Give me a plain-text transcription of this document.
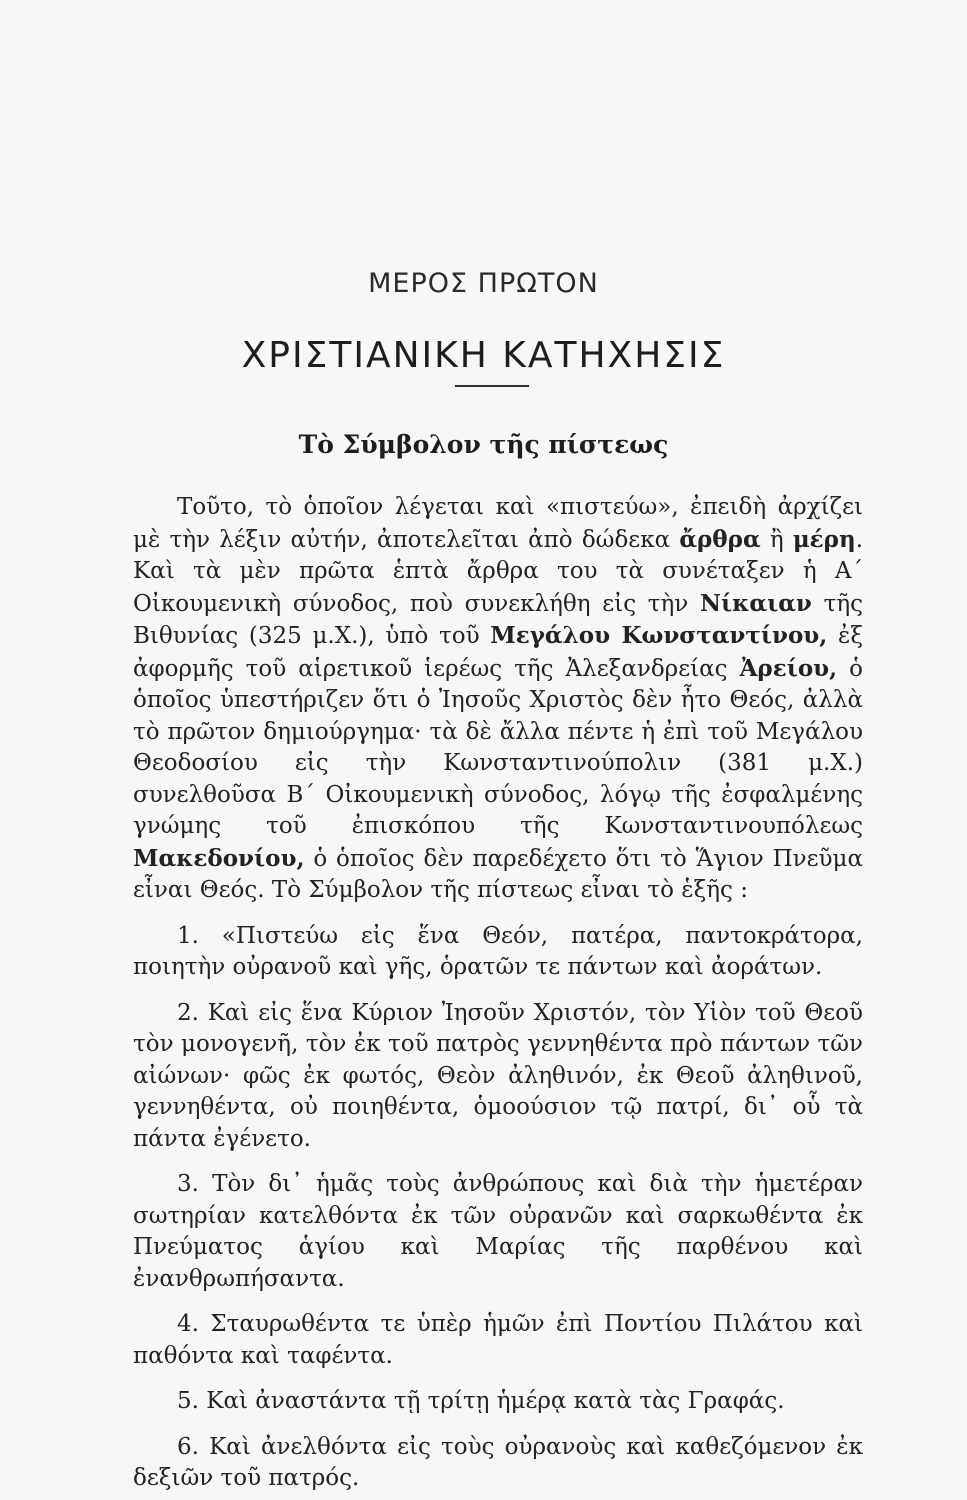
ΜΕΡΟΣ ΠΡΩΤΟΝ
ΧΡΙΣΤΙΑΝΙΚΗ ΚΑΤΗΧΗΣΙΣ
Τὸ Σύμβολον τῆς πίστεως

Τοῦτο, τὸ ὁποῖον λέγεται καὶ «πιστεύω», ἐπειδὴ ἀρχίζει μὲ τὴν λέξιν αὐτήν, ἀποτελεῖται ἀπὸ δώδεκα ἄρθρα ἢ μέρη. Καὶ τὰ μὲν πρῶτα ἑπτὰ ἄρθρα του τὰ συνέταξεν ἡ Α΄ Οἰκουμενικὴ σύνοδος, ποὺ συνεκλήθη εἰς τὴν Νίκαιαν τῆς Βιθυνίας (325 μ.Χ.), ὑπὸ τοῦ Μεγάλου Κωνσταντίνου, ἐξ ἀφορμῆς τοῦ αἱρετικοῦ ἱερέως τῆς Ἀλεξανδρείας Ἀρείου, ὁ ὁποῖος ὑπεστήριζεν ὅτι ὁ Ἰησοῦς Χριστὸς δὲν ἦτο Θεός, ἀλλὰ τὸ πρῶτον δημιούργημα· τὰ δὲ ἄλλα πέντε ἡ ἐπὶ τοῦ Μεγάλου Θεοδοσίου εἰς τὴν Κωνσταντινούπολιν (381 μ.Χ.) συνελθοῦσα Β΄ Οἰκουμενικὴ σύνοδος, λόγῳ τῆς ἐσφαλμένης γνώμης τοῦ ἐπισκόπου τῆς Κωνσταντινουπόλεως Μακεδονίου, ὁ ὁποῖος δὲν παρεδέχετο ὅτι τὸ Ἅγιον Πνεῦμα εἶναι Θεός. Τὸ Σύμβολον τῆς πίστεως εἶναι τὸ ἑξῆς :

1. «Πιστεύω εἰς ἕνα Θεόν, πατέρα, παντοκράτορα, ποιητὴν οὐρανοῦ καὶ γῆς, ὁρατῶν τε πάντων καὶ ἀοράτων.

2. Καὶ εἰς ἕνα Κύριον Ἰησοῦν Χριστόν, τὸν Υἱὸν τοῦ Θεοῦ τὸν μονογενῆ, τὸν ἐκ τοῦ πατρὸς γεννηθέντα πρὸ πάντων τῶν αἰώνων· φῶς ἐκ φωτός, Θεὸν ἀληθινόν, ἐκ Θεοῦ ἀληθινοῦ, γεννηθέντα, οὐ ποιηθέντα, ὁμοούσιον τῷ πατρί, δι᾿ οὗ τὰ πάντα ἐγένετο.

3. Τὸν δι᾿ ἡμᾶς τοὺς ἀνθρώπους καὶ διὰ τὴν ἡμετέραν σωτηρίαν κατελθόντα ἐκ τῶν οὐρανῶν καὶ σαρκωθέντα ἐκ Πνεύματος ἁγίου καὶ Μαρίας τῆς παρθένου καὶ ἐνανθρωπήσαντα.

4. Σταυρωθέντα τε ὑπὲρ ἡμῶν ἐπὶ Ποντίου Πιλάτου καὶ παθόντα καὶ ταφέντα.

5. Καὶ ἀναστάντα τῇ τρίτῃ ἡμέρᾳ κατὰ τὰς Γραφάς.

6. Καὶ ἀνελθόντα εἰς τοὺς οὐρανοὺς καὶ καθεζόμενον ἐκ δεξιῶν τοῦ πατρός.
